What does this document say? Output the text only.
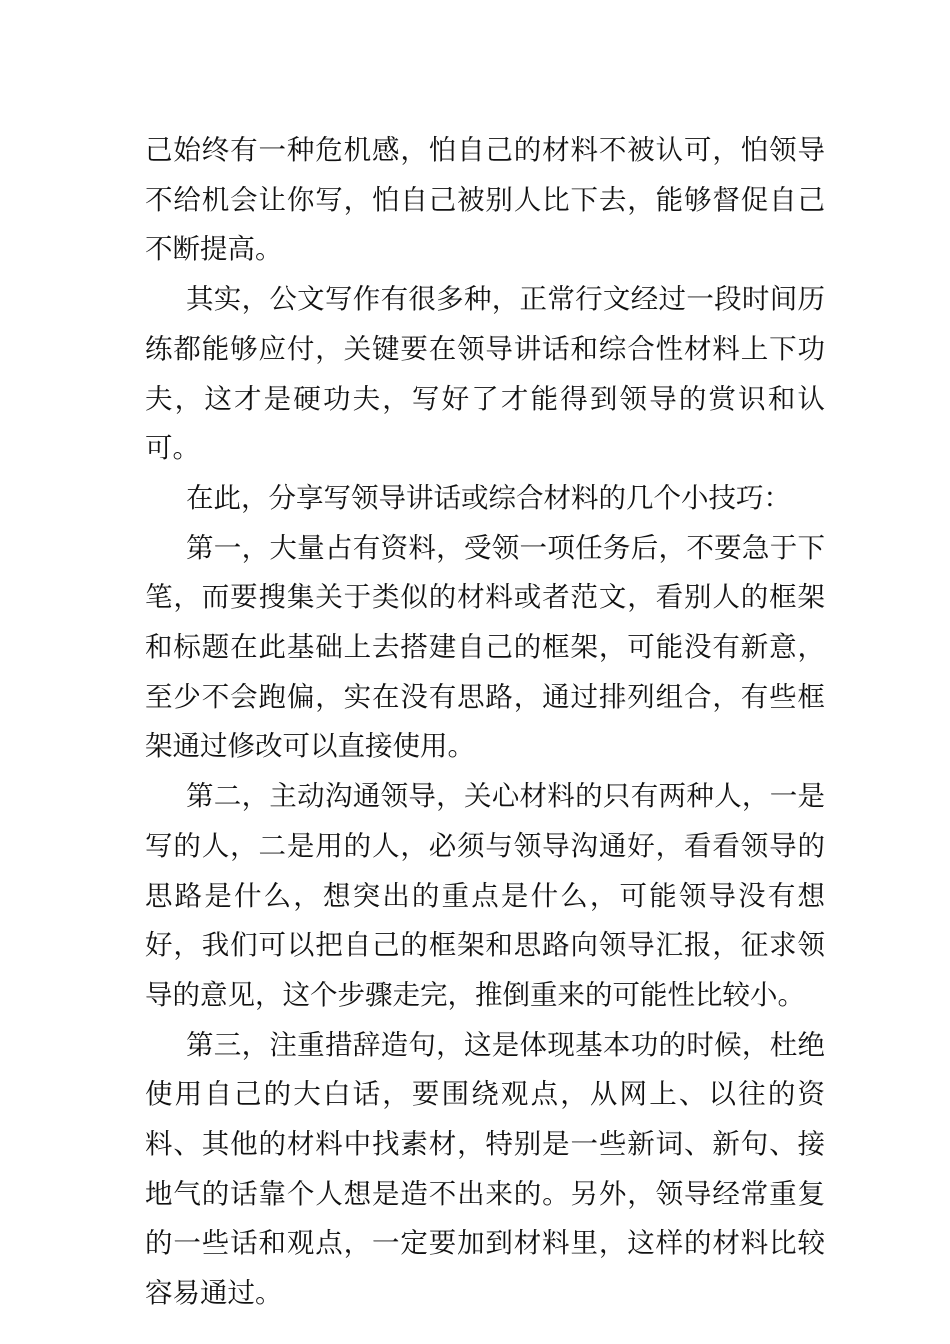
己始终有一种危机感，怕自己的材料不被认可，怕领导不给机会让你写，怕自己被别人比下去，能够督促自己不断提高。

其实，公文写作有很多种，正常行文经过一段时间历练都能够应付，关键要在领导讲话和综合性材料上下功夫，这才是硬功夫，写好了才能得到领导的赏识和认可。

在此，分享写领导讲话或综合材料的几个小技巧：

第一，大量占有资料，受领一项任务后，不要急于下笔，而要搜集关于类似的材料或者范文，看别人的框架和标题在此基础上去搭建自己的框架，可能没有新意，至少不会跑偏，实在没有思路，通过排列组合，有些框架通过修改可以直接使用。

第二，主动沟通领导，关心材料的只有两种人，一是写的人，二是用的人，必须与领导沟通好，看看领导的思路是什么，想突出的重点是什么，可能领导没有想好，我们可以把自己的框架和思路向领导汇报，征求领导的意见，这个步骤走完，推倒重来的可能性比较小。

第三，注重措辞造句，这是体现基本功的时候，杜绝使用自己的大白话，要围绕观点，从网上、以往的资料、其他的材料中找素材，特别是一些新词、新句、接地气的话靠个人想是造不出来的。另外，领导经常重复的一些话和观点，一定要加到材料里，这样的材料比较容易通过。
